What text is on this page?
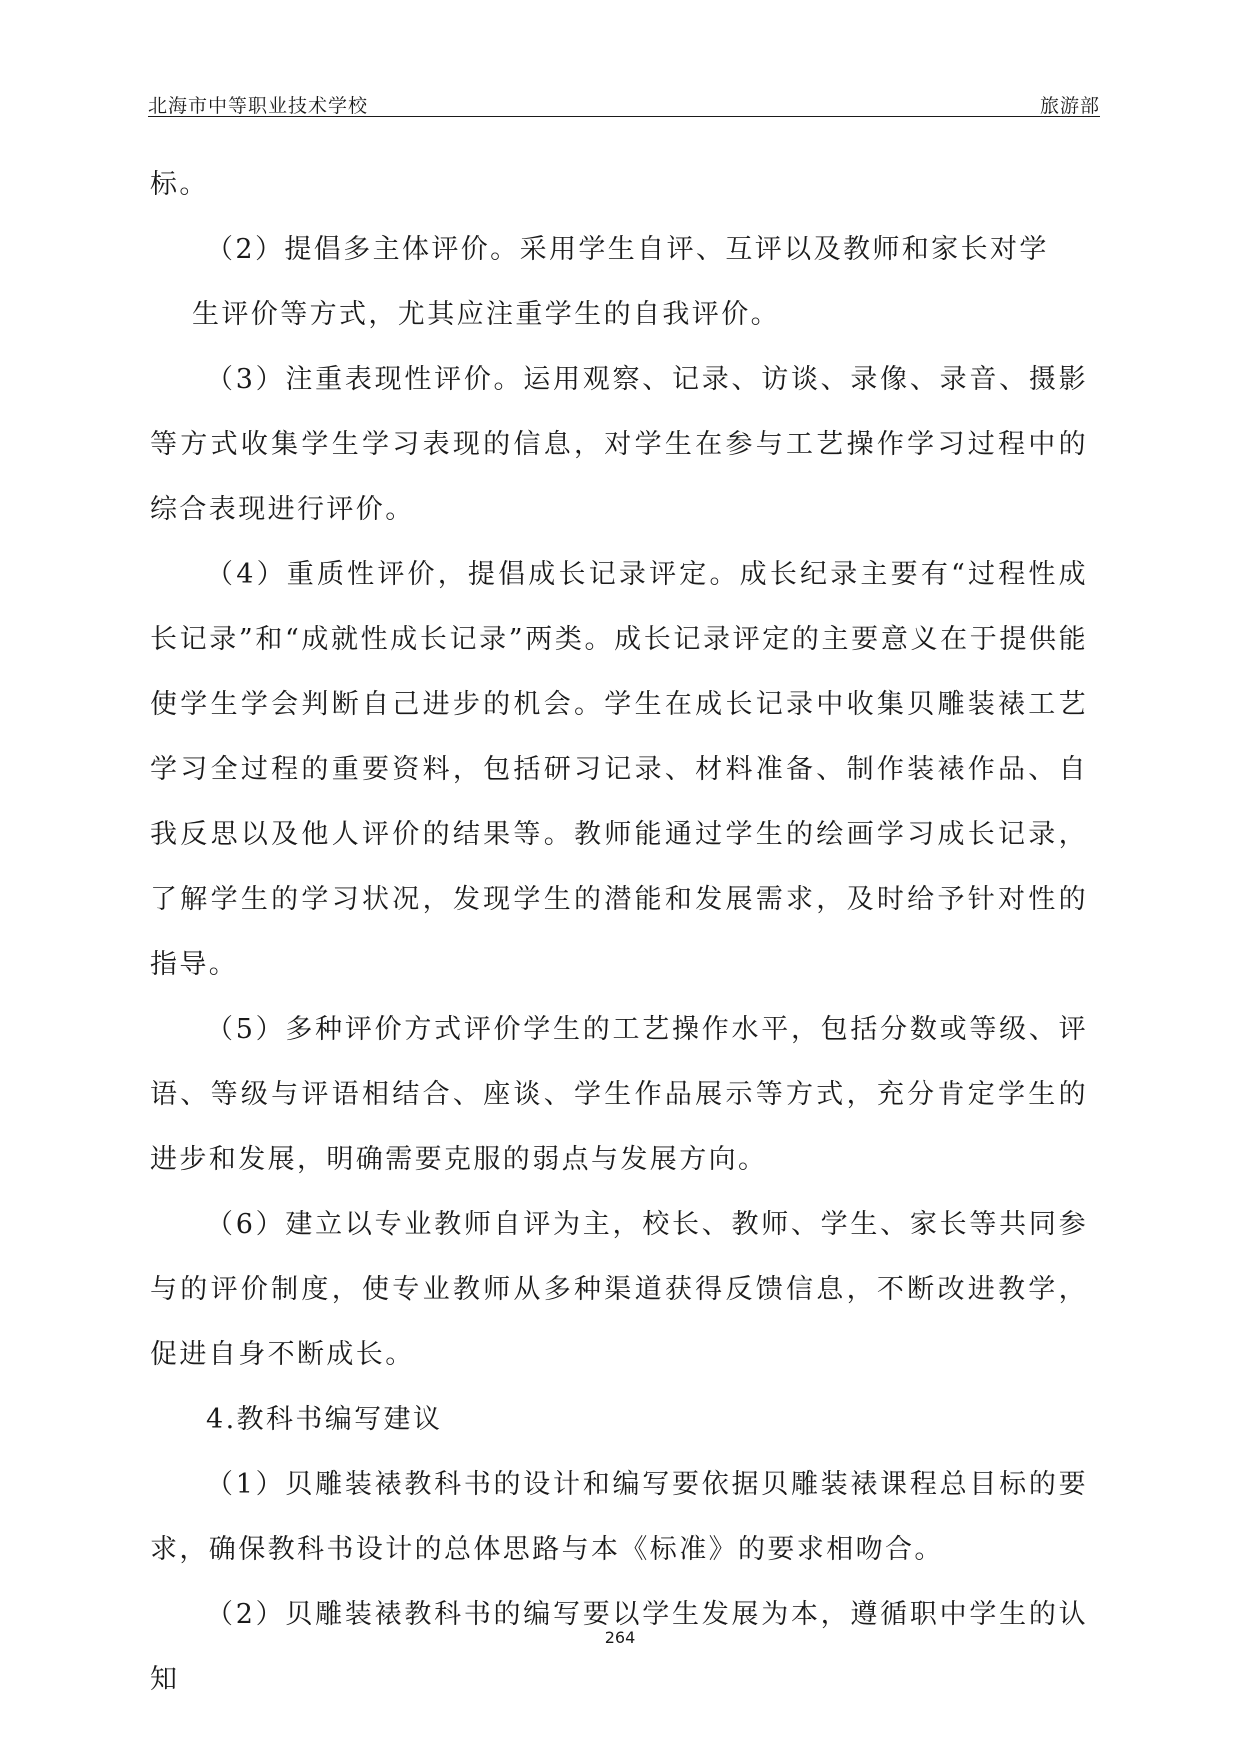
北海市中等职业技术学校	旅游部

标。

（2）提倡多主体评价。采用学生自评、互评以及教师和家长对学
生评价等方式，尤其应注重学生的自我评价。

（3）注重表现性评价。运用观察、记录、访谈、录像、录音、摄影等方式收集学生学习表现的信息，对学生在参与工艺操作学习过程中的综合表现进行评价。

（4）重质性评价，提倡成长记录评定。成长纪录主要有“过程性成长记录”和“成就性成长记录”两类。成长记录评定的主要意义在于提供能使学生学会判断自己进步的机会。学生在成长记录中收集贝雕装裱工艺学习全过程的重要资料，包括研习记录、材料准备、制作装裱作品、自我反思以及他人评价的结果等。教师能通过学生的绘画学习成长记录，了解学生的学习状况，发现学生的潜能和发展需求，及时给予针对性的指导。

（5）多种评价方式评价学生的工艺操作水平，包括分数或等级、评语、等级与评语相结合、座谈、学生作品展示等方式，充分肯定学生的进步和发展，明确需要克服的弱点与发展方向。

（6）建立以专业教师自评为主，校长、教师、学生、家长等共同参与的评价制度，使专业教师从多种渠道获得反馈信息，不断改进教学，促进自身不断成长。

4.教科书编写建议

（1）贝雕装裱教科书的设计和编写要依据贝雕装裱课程总目标的要求，确保教科书设计的总体思路与本《标准》的要求相吻合。

（2）贝雕装裱教科书的编写要以学生发展为本，遵循职中学生的认知

264
